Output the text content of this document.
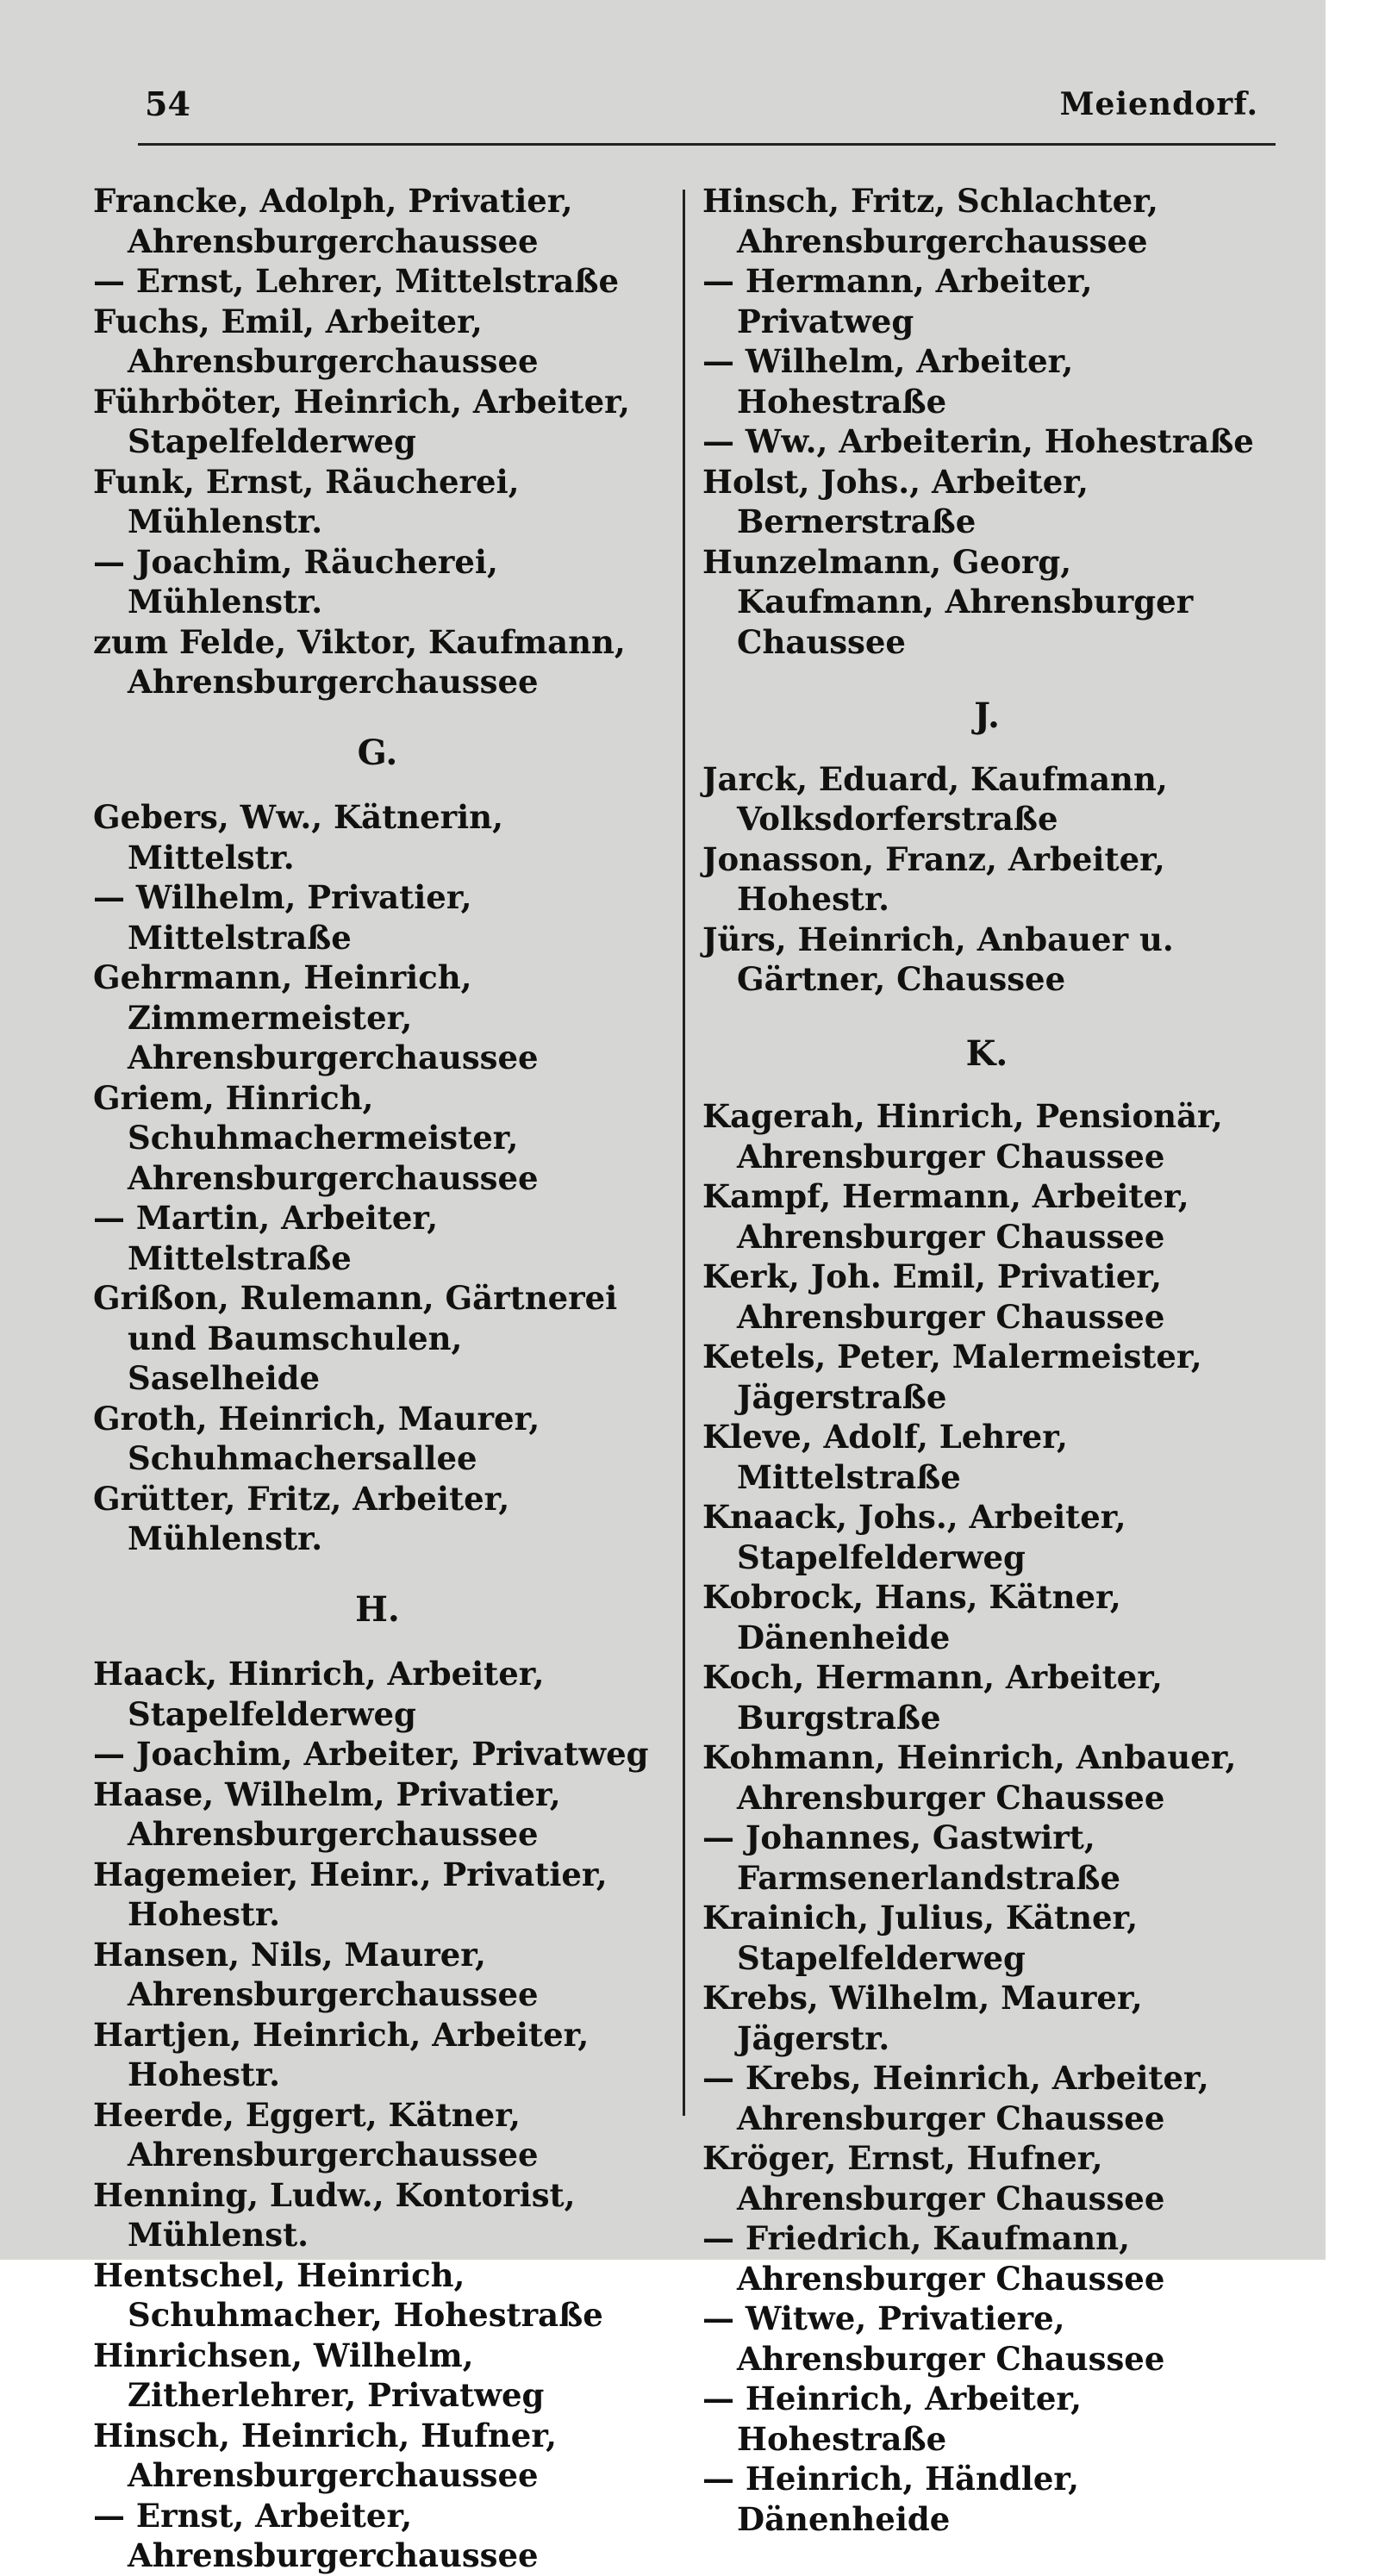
54	Meiendorf.

Francke, Adolph, Privatier, Ahrensburgerchaussee

— Ernst, Lehrer, Mittelstraße

Fuchs, Emil, Arbeiter, Ahrensburgerchaussee

Führböter, Heinrich, Arbeiter, Stapelfelderweg

Funk, Ernst, Räucherei, Mühlenstr.

— Joachim, Räucherei, Mühlenstr.

zum Felde, Viktor, Kaufmann, Ahrensburgerchaussee

G.

Gebers, Ww., Kätnerin, Mittelstr.

— Wilhelm, Privatier, Mittelstraße

Gehrmann, Heinrich, Zimmermeister, Ahrensburgerchaussee

Griem, Hinrich, Schuhmachermeister, Ahrensburgerchaussee

— Martin, Arbeiter, Mittelstraße

Grißon, Rulemann, Gärtnerei und Baumschulen, Saselheide

Groth, Heinrich, Maurer, Schuhmachersallee

Grütter, Fritz, Arbeiter, Mühlenstr.

H.

Haack, Hinrich, Arbeiter, Stapelfelderweg

— Joachim, Arbeiter, Privatweg

Haase, Wilhelm, Privatier, Ahrensburgerchaussee

Hagemeier, Heinr., Privatier, Hohestr.

Hansen, Nils, Maurer, Ahrensburgerchaussee

Hartjen, Heinrich, Arbeiter, Hohestr.

Heerde, Eggert, Kätner, Ahrensburgerchaussee

Henning, Ludw., Kontorist, Mühlenst.

Hentschel, Heinrich, Schuhmacher, Hohestraße

Hinrichsen, Wilhelm, Zitherlehrer, Privatweg

Hinsch, Heinrich, Hufner, Ahrensburgerchaussee

— Ernst, Arbeiter, Ahrensburgerchaussee

Hinsch, Fritz, Schlachter, Ahrensburgerchaussee

— Hermann, Arbeiter, Privatweg

— Wilhelm, Arbeiter, Hohestraße

— Ww., Arbeiterin, Hohestraße

Holst, Johs., Arbeiter, Bernerstraße

Hunzelmann, Georg, Kaufmann, Ahrensburger Chaussee

J.

Jarck, Eduard, Kaufmann, Volksdorferstraße

Jonasson, Franz, Arbeiter, Hohestr.

Jürs, Heinrich, Anbauer u. Gärtner, Chaussee

K.

Kagerah, Hinrich, Pensionär, Ahrensburger Chaussee

Kampf, Hermann, Arbeiter, Ahrensburger Chaussee

Kerk, Joh. Emil, Privatier, Ahrensburger Chaussee

Ketels, Peter, Malermeister, Jägerstraße

Kleve, Adolf, Lehrer, Mittelstraße

Knaack, Johs., Arbeiter, Stapelfelderweg

Kobrock, Hans, Kätner, Dänenheide

Koch, Hermann, Arbeiter, Burgstraße

Kohmann, Heinrich, Anbauer, Ahrensburger Chaussee

— Johannes, Gastwirt, Farmsenerlandstraße

Krainich, Julius, Kätner, Stapelfelderweg

Krebs, Wilhelm, Maurer, Jägerstr.

— Krebs, Heinrich, Arbeiter, Ahrensburger Chaussee

Kröger, Ernst, Hufner, Ahrensburger Chaussee

— Friedrich, Kaufmann, Ahrensburger Chaussee

— Witwe, Privatiere, Ahrensburger Chaussee

— Heinrich, Arbeiter, Hohestraße

— Heinrich, Händler, Dänenheide
